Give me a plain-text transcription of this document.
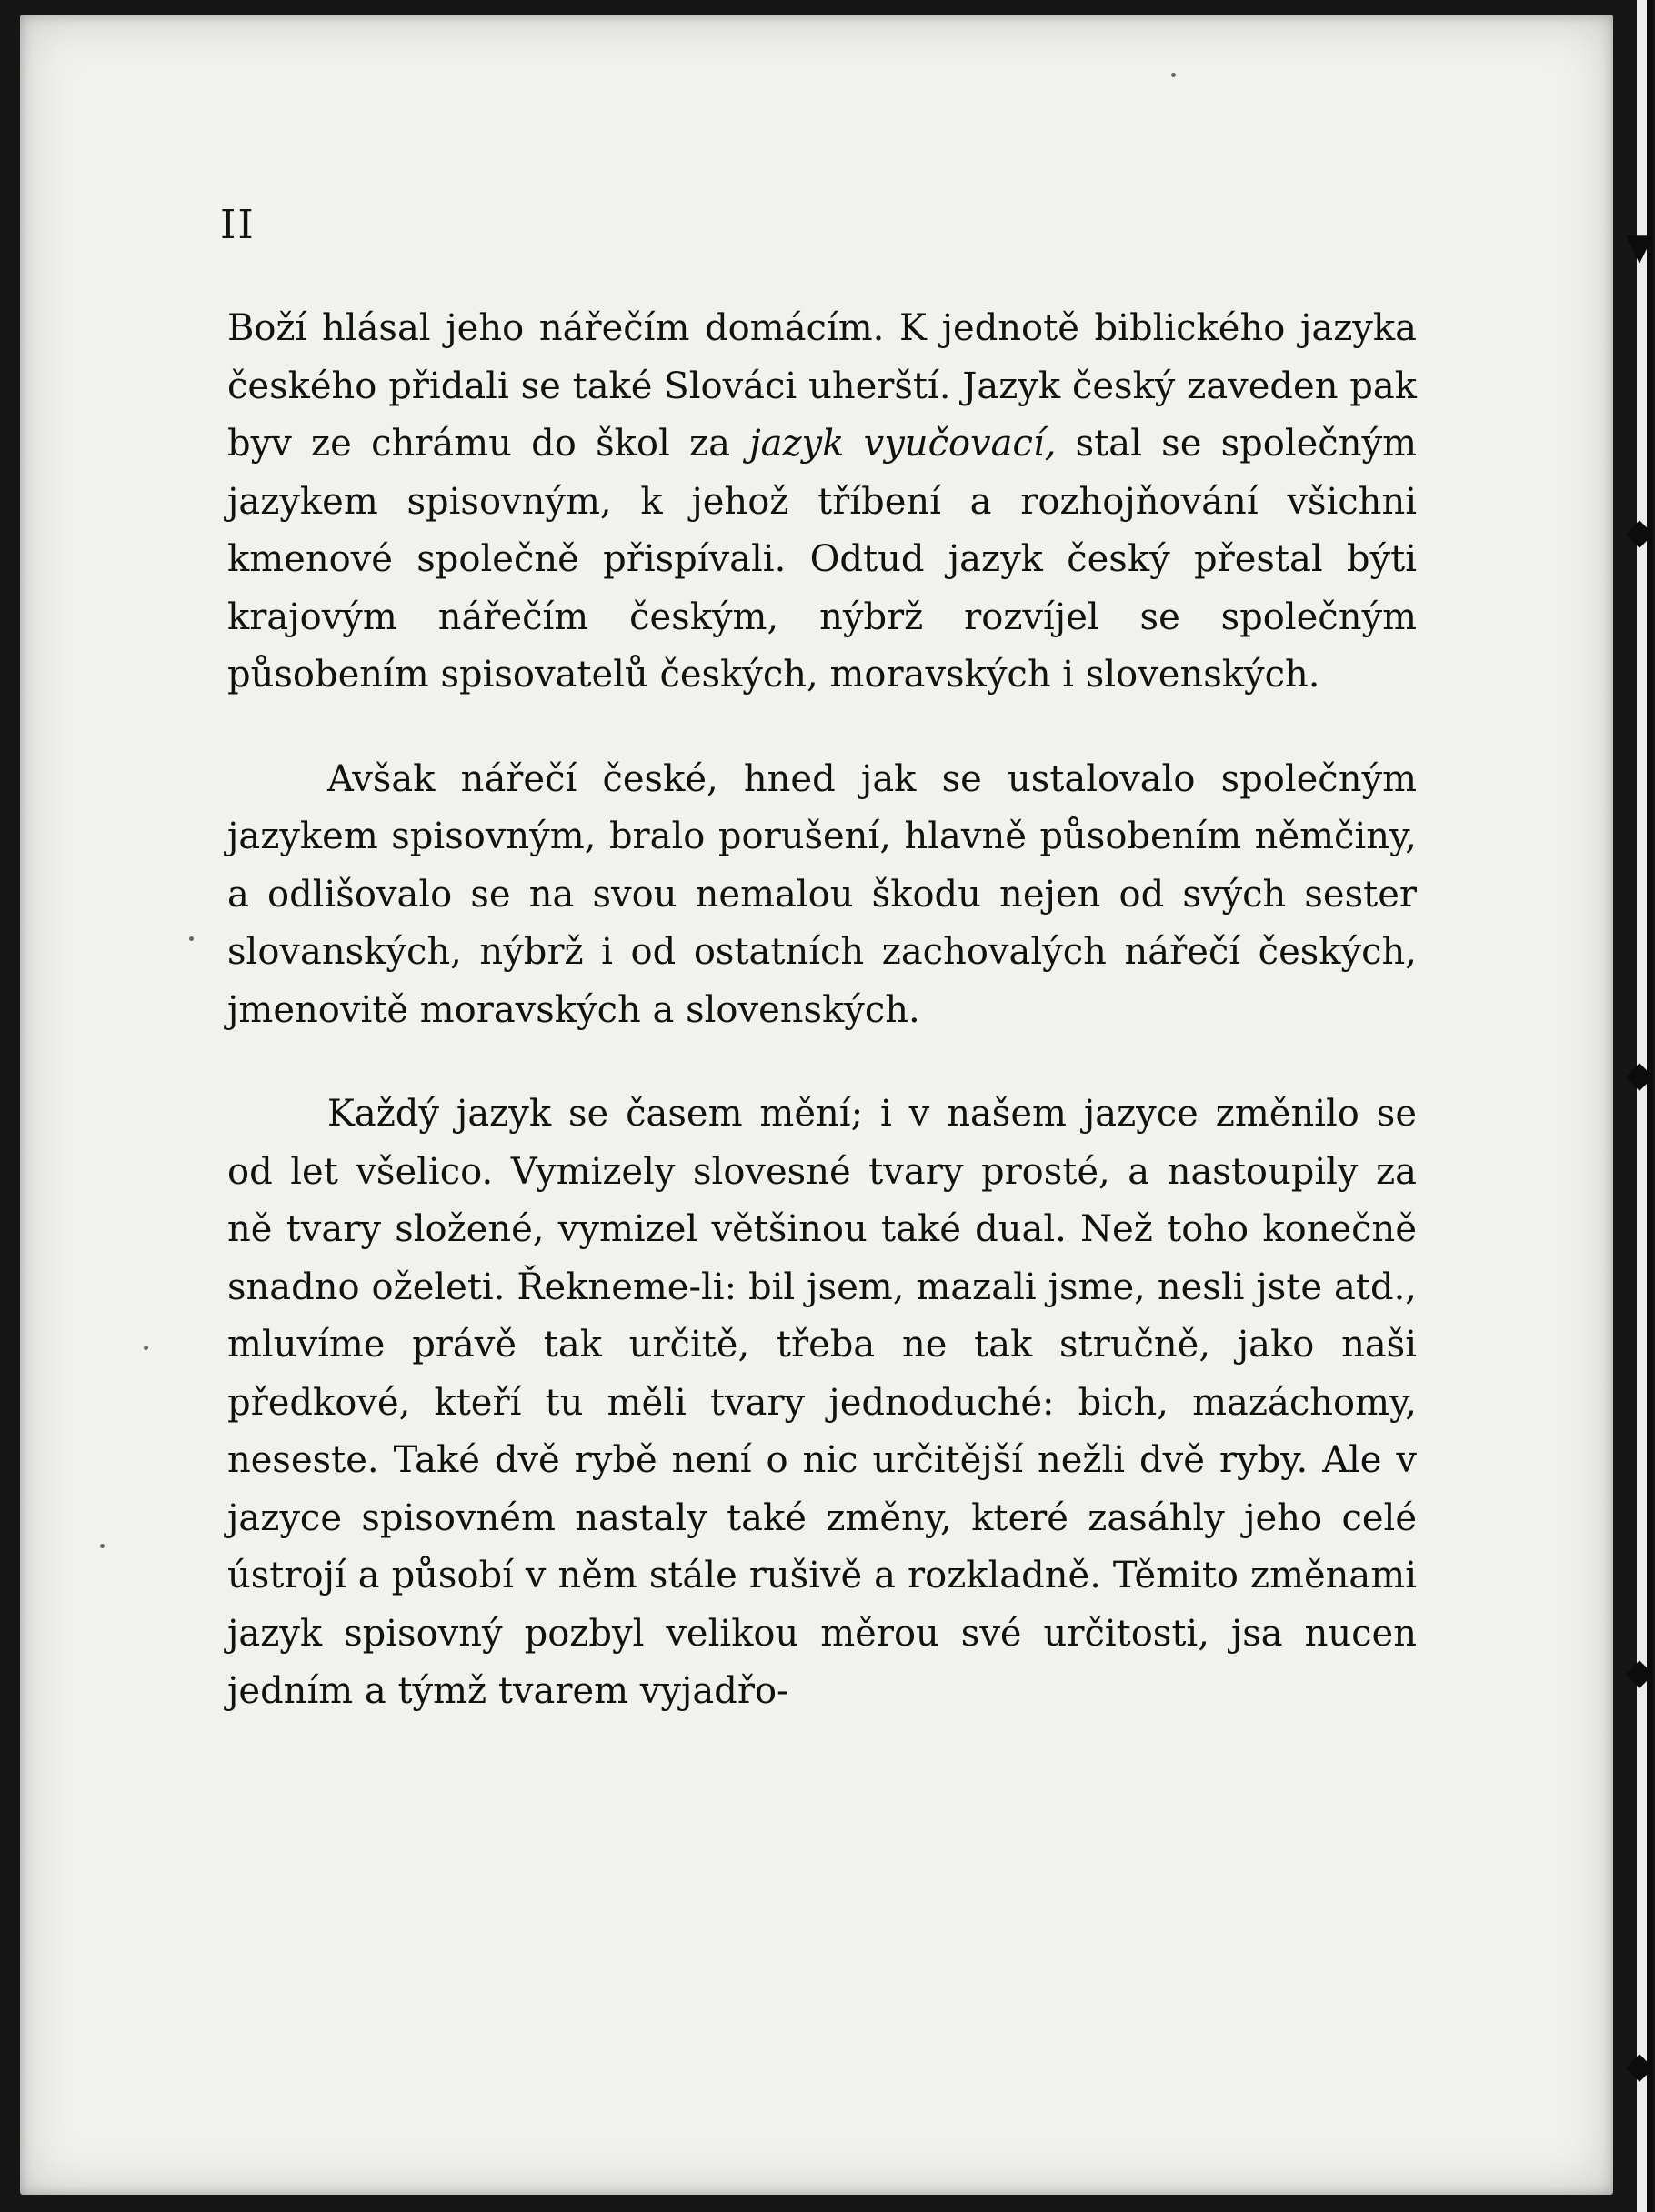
▼
◆
◆
◆
◆
II

Boží hlásal jeho nářečím domácím. K jednotě biblického jazyka českého přidali se také Slováci uherští. Jazyk český zaveden pak byv ze chrámu do škol za jazyk vyučovací, stal se společným jazykem spisovným, k jehož tříbení a rozhojňování všichni kmenové společně přispívali. Odtud jazyk český přestal býti krajovým nářečím českým, nýbrž rozvíjel se společným působením spisovatelů českých, moravských i slovenských.

Avšak nářečí české, hned jak se ustalovalo společným jazykem spisovným, bralo porušení, hlavně působením němčiny, a odlišovalo se na svou nemalou škodu nejen od svých sester slovanských, nýbrž i od ostatních zachovalých nářečí českých, jmenovitě moravských a slovenských.

Každý jazyk se časem mění; i v našem jazyce změnilo se od let všelico. Vymizely slovesné tvary prosté, a nastoupily za ně tvary složené, vymizel většinou také dual. Než toho konečně snadno oželeti. Řekneme-li: bil jsem, mazali jsme, nesli jste atd., mluvíme právě tak určitě, třeba ne tak stručně, jako naši předkové, kteří tu měli tvary jednoduché: bich, mazáchomy, neseste. Také dvě rybě není o nic určitější nežli dvě ryby. Ale v jazyce spisovném nastaly také změny, které zasáhly jeho celé ústrojí a působí v něm stále rušivě a rozkladně. Těmito změnami jazyk spisovný pozbyl velikou měrou své určitosti, jsa nucen jedním a týmž tvarem vyjadřo-
